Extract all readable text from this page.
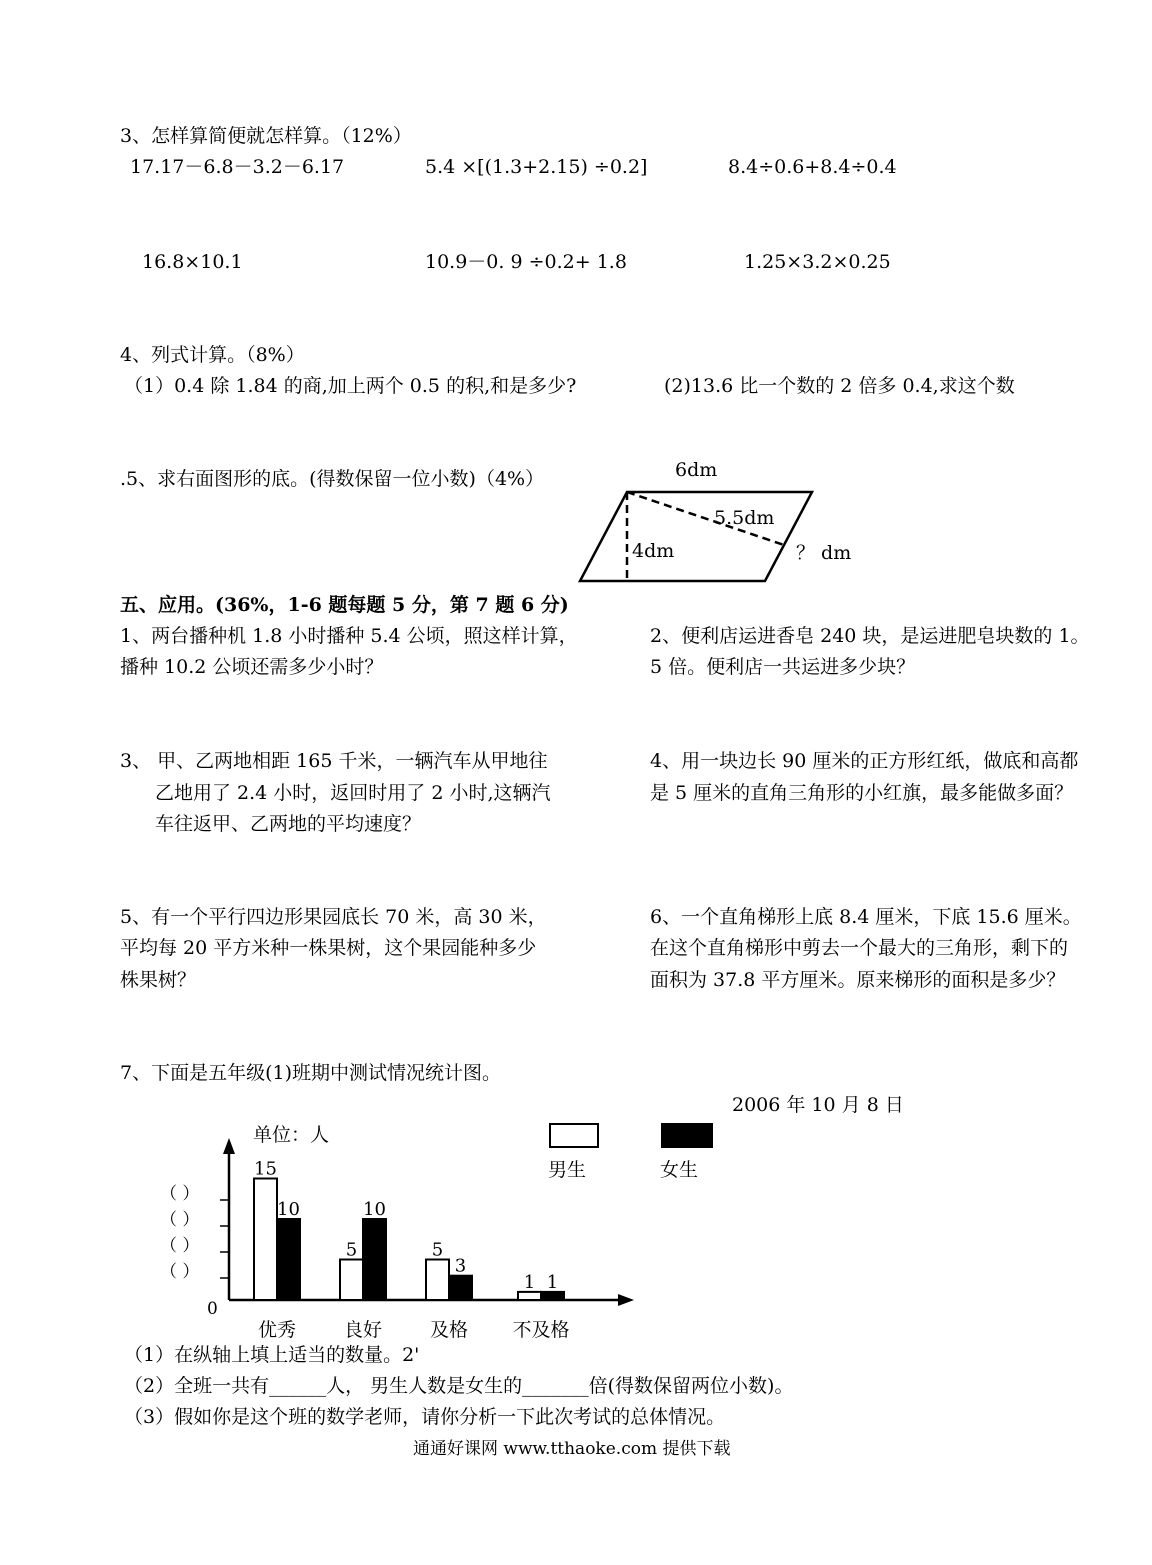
3、怎样算简便就怎样算。（12%）
17.17－6.8－3.2－6.17	5.4 ×[(1.3+2.15) ÷0.2]	8.4÷0.6+8.4÷0.4
16.8×10.1	10.9－0. 9 ÷0.2+ 1.8	1.25×3.2×0.25
4、列式计算。（8%）
（1）0.4 除 1.84 的商,加上两个 0.5 的积,和是多少?	(2)13.6 比一个数的 2 倍多 0.4,求这个数
.5、求右面图形的底。(得数保留一位小数)（4%）	6dm
5.5dm
4dm	？ dm
五、应用。(36%，1-6 题每题 5 分，第 7 题 6 分)
1、两台播种机 1.8 小时播种 5.4 公顷，照这样计算，
播种 10.2 公顷还需多少小时？
2、便利店运进香皂 240 块，是运进肥皂块数的 1。
5 倍。便利店一共运进多少块？
3、 甲、乙两地相距 165 千米，一辆汽车从甲地往
乙地用了 2.4 小时，返回时用了 2 小时,这辆汽
车往返甲、乙两地的平均速度？
4、用一块边长 90 厘米的正方形红纸，做底和高都
是 5 厘米的直角三角形的小红旗，最多能做多面？
5、有一个平行四边形果园底长 70 米，高 30 米，
平均每 20 平方米种一株果树，这个果园能种多少
株果树？
6、一个直角梯形上底 8.4 厘米，下底 15.6 厘米。
在这个直角梯形中剪去一个最大的三角形，剩下的
面积为 37.8 平方厘米。原来梯形的面积是多少？
7、下面是五年级(1)班期中测试情况统计图。
2006 年 10 月 8 日
单位：人
男生	女生
0
15
10
优秀
5
10
良好
5
3
及格
1 1
不及格
（ ）
（ ）
（ ）
（ ）
（1）在纵轴上填上适当的数量。2'
（2）全班一共有______人， 男生人数是女生的_______倍(得数保留两位小数)。
（3）假如你是这个班的数学老师，请你分析一下此次考试的总体情况。
通通好课网 www.tthaoke.com 提供下载
